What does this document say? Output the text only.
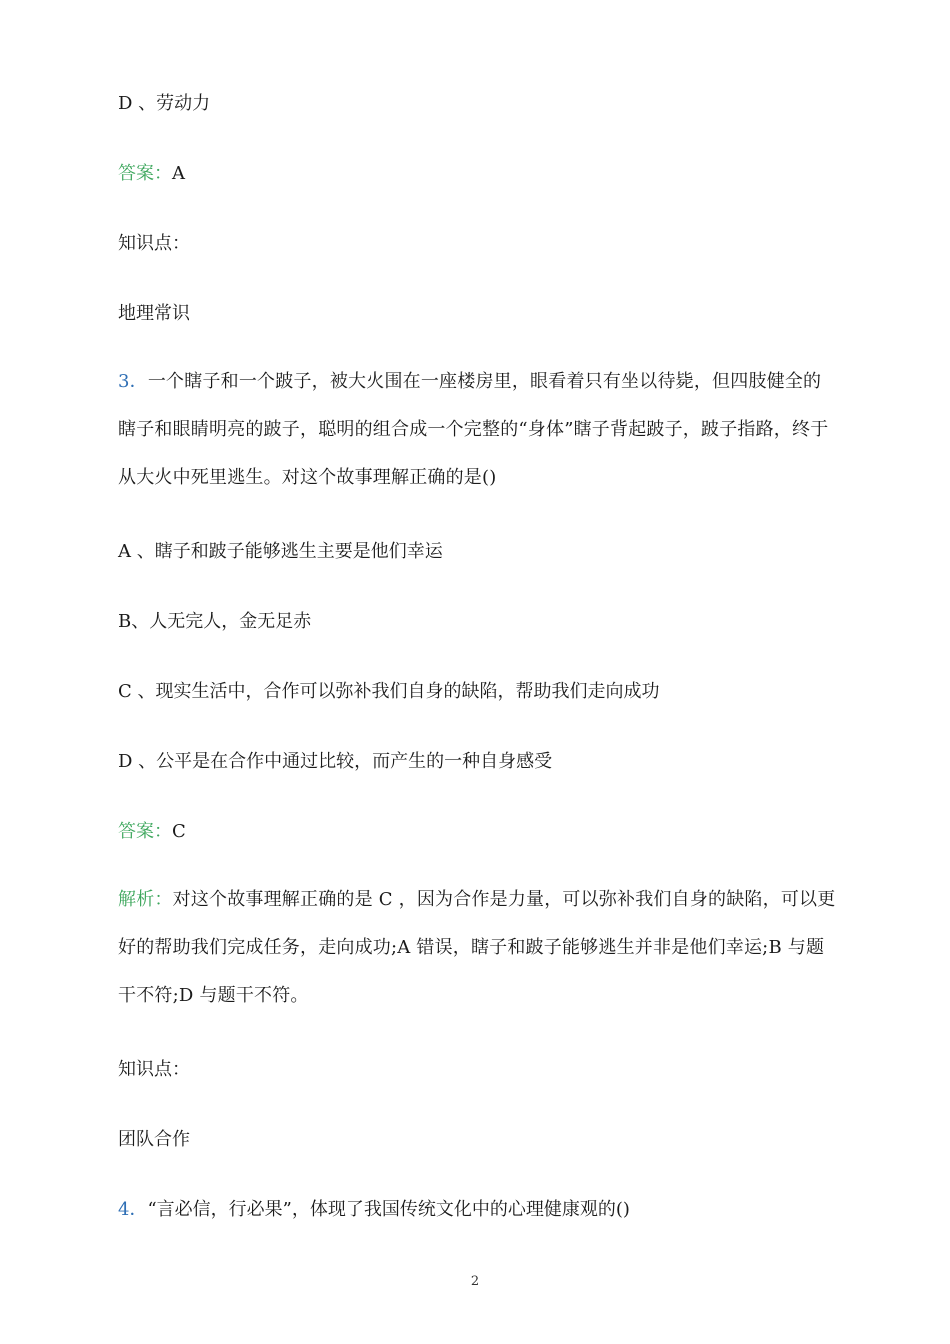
D 、劳动力
答案：A
知识点：
地理常识
3．一个瞎子和一个跛子，被大火围在一座楼房里，眼看着只有坐以待毙，但四肢健全的瞎子和眼睛明亮的跛子，聪明的组合成一个完整的“身体”瞎子背起跛子，跛子指路，终于从大火中死里逃生。对这个故事理解正确的是()
A 、瞎子和跛子能够逃生主要是他们幸运
B、人无完人，金无足赤
C 、现实生活中，合作可以弥补我们自身的缺陷，帮助我们走向成功
D 、公平是在合作中通过比较，而产生的一种自身感受
答案：C
解析：对这个故事理解正确的是 C ，因为合作是力量，可以弥补我们自身的缺陷，可以更好的帮助我们完成任务，走向成功;A 错误，瞎子和跛子能够逃生并非是他们幸运;B 与题干不符;D 与题干不符。
知识点：
团队合作
4．“言必信，行必果”，体现了我国传统文化中的心理健康观的()
2
